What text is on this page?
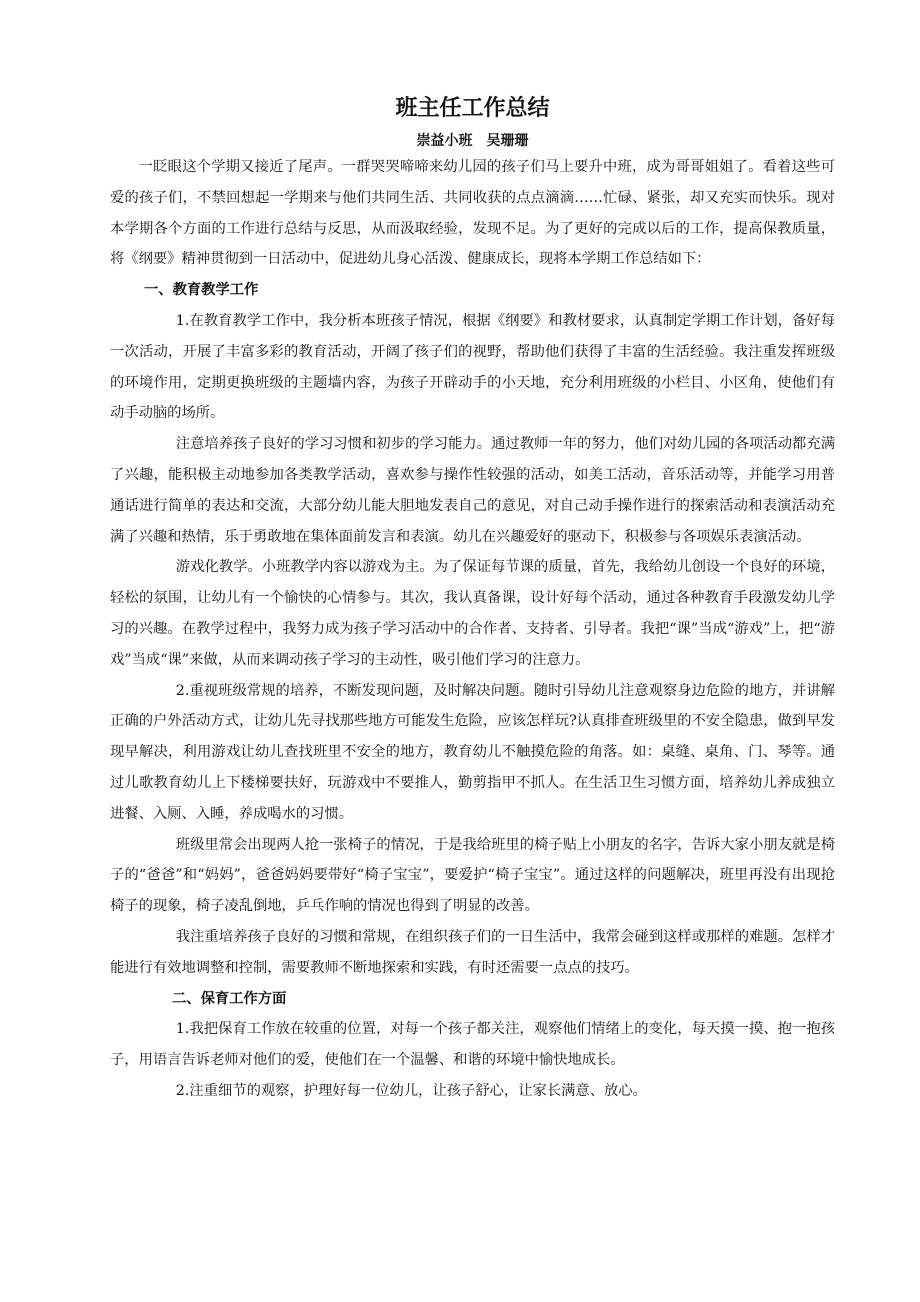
班主任工作总结

崇益小班 吴珊珊

一眨眼这个学期又接近了尾声。一群哭哭啼啼来幼儿园的孩子们马上要升中班，成为哥哥姐姐了。看着这些可爱的孩子们，不禁回想起一学期来与他们共同生活、共同收获的点点滴滴……忙碌、紧张，却又充实而快乐。现对本学期各个方面的工作进行总结与反思，从而汲取经验，发现不足。为了更好的完成以后的工作，提高保教质量，将《纲要》精神贯彻到一日活动中，促进幼儿身心活泼、健康成长，现将本学期工作总结如下：

一、教育教学工作

1.在教育教学工作中，我分析本班孩子情况，根据《纲要》和教材要求，认真制定学期工作计划，备好每一次活动，开展了丰富多彩的教育活动，开阔了孩子们的视野，帮助他们获得了丰富的生活经验。我注重发挥班级的环境作用，定期更换班级的主题墙内容，为孩子开辟动手的小天地，充分利用班级的小栏目、小区角，使他们有动手动脑的场所。

注意培养孩子良好的学习习惯和初步的学习能力。通过教师一年的努力，他们对幼儿园的各项活动都充满了兴趣，能积极主动地参加各类教学活动，喜欢参与操作性较强的活动，如美工活动，音乐活动等，并能学习用普通话进行简单的表达和交流，大部分幼儿能大胆地发表自己的意见，对自己动手操作进行的探索活动和表演活动充满了兴趣和热情，乐于勇敢地在集体面前发言和表演。幼儿在兴趣爱好的驱动下，积极参与各项娱乐表演活动。

游戏化教学。小班教学内容以游戏为主。为了保证每节课的质量，首先，我给幼儿创设一个良好的环境，轻松的氛围，让幼儿有一个愉快的心情参与。其次，我认真备课，设计好每个活动，通过各种教育手段激发幼儿学习的兴趣。在教学过程中，我努力成为孩子学习活动中的合作者、支持者、引导者。我把“课”当成“游戏”上，把“游戏”当成“课”来做，从而来调动孩子学习的主动性，吸引他们学习的注意力。

2.重视班级常规的培养，不断发现问题，及时解决问题。随时引导幼儿注意观察身边危险的地方，并讲解正确的户外活动方式，让幼儿先寻找那些地方可能发生危险，应该怎样玩?认真排查班级里的不安全隐患，做到早发现早解决，利用游戏让幼儿查找班里不安全的地方，教育幼儿不触摸危险的角落。如：桌缝、桌角、门、琴等。通过儿歌教育幼儿上下楼梯要扶好，玩游戏中不要推人，勤剪指甲不抓人。在生活卫生习惯方面，培养幼儿养成独立进餐、入厕、入睡，养成喝水的习惯。

班级里常会出现两人抢一张椅子的情况，于是我给班里的椅子贴上小朋友的名字，告诉大家小朋友就是椅子的“爸爸”和“妈妈”，爸爸妈妈要带好“椅子宝宝”，要爱护“椅子宝宝”。通过这样的问题解决，班里再没有出现抢椅子的现象，椅子凌乱倒地，乒乓作响的情况也得到了明显的改善。

我注重培养孩子良好的习惯和常规，在组织孩子们的一日生活中，我常会碰到这样或那样的难题。怎样才能进行有效地调整和控制，需要教师不断地探索和实践，有时还需要一点点的技巧。

二、保育工作方面

1.我把保育工作放在较重的位置，对每一个孩子都关注，观察他们情绪上的变化，每天摸一摸、抱一抱孩子，用语言告诉老师对他们的爱，使他们在一个温馨、和谐的环境中愉快地成长。

2.注重细节的观察，护理好每一位幼儿，让孩子舒心，让家长满意、放心。
